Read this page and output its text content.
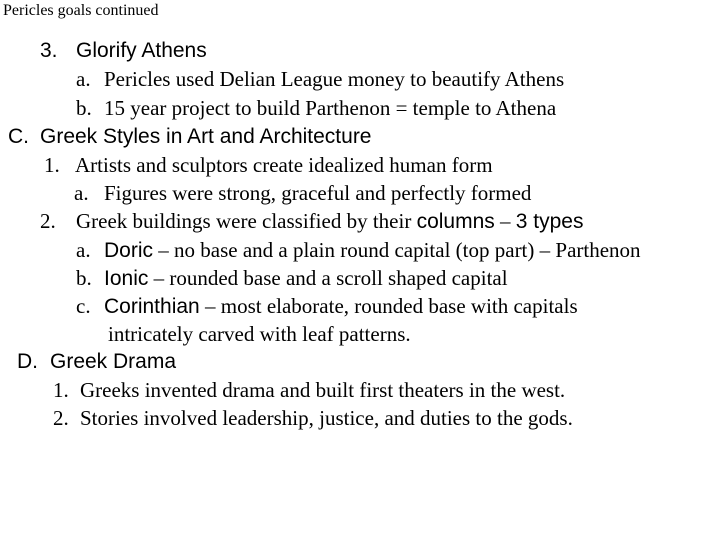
Pericles goals continued
3. Glorify Athens
a. Pericles used Delian League money to beautify Athens
b. 15 year project to build Parthenon = temple to Athena
C. Greek Styles in Art and Architecture
1. Artists and sculptors create idealized human form
a. Figures were strong, graceful and perfectly formed
2. Greek buildings were classified by their columns – 3 types
a. Doric – no base and a plain round capital (top part) – Parthenon
b. Ionic – rounded base and a scroll shaped capital
c. Corinthian – most elaborate, rounded base with capitals
intricately carved with leaf patterns.
D. Greek Drama
1. Greeks invented drama and built first theaters in the west.
2. Stories involved leadership, justice, and duties to the gods.
